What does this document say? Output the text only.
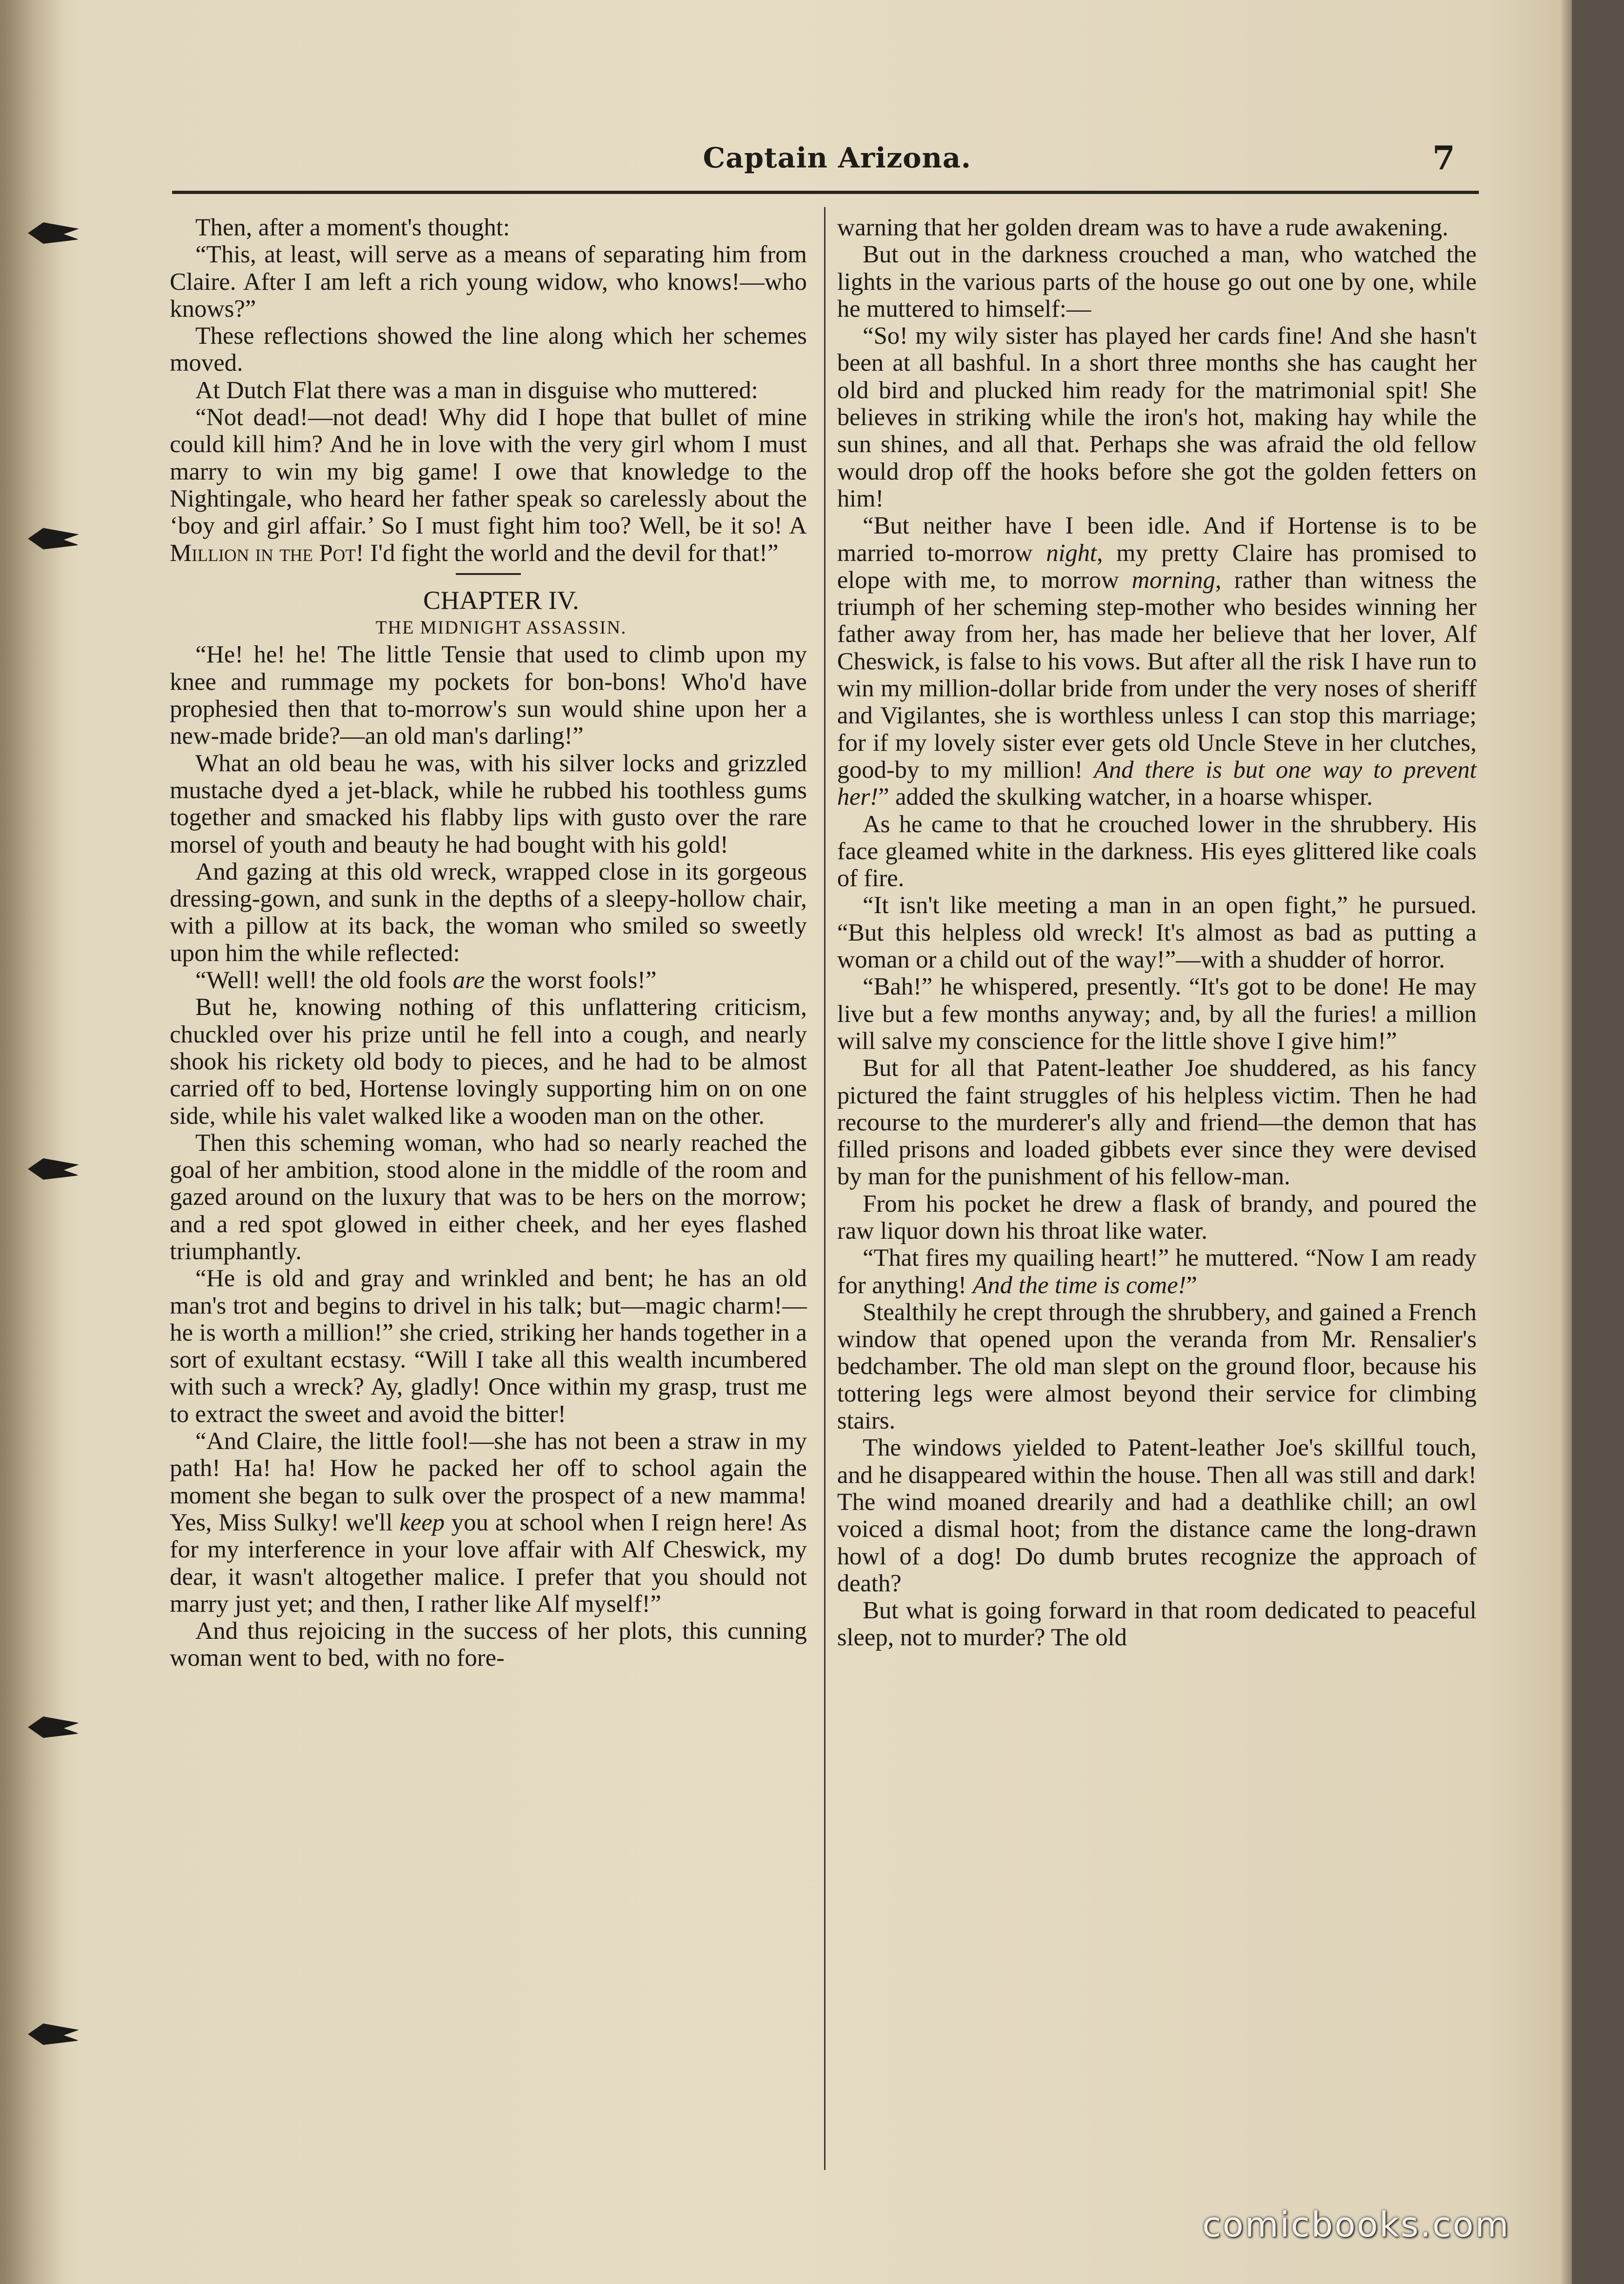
Captain Arizona.	7

Then, after a moment's thought:

“This, at least, will serve as a means of separating him from Claire. After I am left a rich young widow, who knows!—who knows?”

These reflections showed the line along which her schemes moved.

At Dutch Flat there was a man in disguise who muttered:

“Not dead!—not dead! Why did I hope that bullet of mine could kill him? And he in love with the very girl whom I must marry to win my big game! I owe that knowledge to the Nightingale, who heard her father speak so carelessly about the ‘boy and girl affair.’ So I must fight him too? Well, be it so! A Million in the Pot! I'd fight the world and the devil for that!”

CHAPTER IV.

THE MIDNIGHT ASSASSIN.

“He! he! he! The little Tensie that used to climb upon my knee and rummage my pockets for bon-bons! Who'd have prophesied then that to-morrow's sun would shine upon her a new-made bride?—an old man's darling!”

What an old beau he was, with his silver locks and grizzled mustache dyed a jet-black, while he rubbed his toothless gums together and smacked his flabby lips with gusto over the rare morsel of youth and beauty he had bought with his gold!

And gazing at this old wreck, wrapped close in its gorgeous dressing-gown, and sunk in the depths of a sleepy-hollow chair, with a pillow at its back, the woman who smiled so sweetly upon him the while reflected:

“Well! well! the old fools are the worst fools!”

But he, knowing nothing of this unflattering criticism, chuckled over his prize until he fell into a cough, and nearly shook his rickety old body to pieces, and he had to be almost carried off to bed, Hortense lovingly supporting him on on one side, while his valet walked like a wooden man on the other.

Then this scheming woman, who had so nearly reached the goal of her ambition, stood alone in the middle of the room and gazed around on the luxury that was to be hers on the morrow; and a red spot glowed in either cheek, and her eyes flashed triumphantly.

“He is old and gray and wrinkled and bent; he has an old man's trot and begins to drivel in his talk; but—magic charm!—he is worth a million!” she cried, striking her hands together in a sort of exultant ecstasy. “Will I take all this wealth incumbered with such a wreck? Ay, gladly! Once within my grasp, trust me to extract the sweet and avoid the bitter!

“And Claire, the little fool!—she has not been a straw in my path! Ha! ha! How he packed her off to school again the moment she began to sulk over the prospect of a new mamma! Yes, Miss Sulky! we'll keep you at school when I reign here! As for my interference in your love affair with Alf Cheswick, my dear, it wasn't altogether malice. I prefer that you should not marry just yet; and then, I rather like Alf myself!”

And thus rejoicing in the success of her plots, this cunning woman went to bed, with no fore-

warning that her golden dream was to have a rude awakening.

But out in the darkness crouched a man, who watched the lights in the various parts of the house go out one by one, while he muttered to himself:—

“So! my wily sister has played her cards fine! And she hasn't been at all bashful. In a short three months she has caught her old bird and plucked him ready for the matrimonial spit! She believes in striking while the iron's hot, making hay while the sun shines, and all that. Perhaps she was afraid the old fellow would drop off the hooks before she got the golden fetters on him!

“But neither have I been idle. And if Hortense is to be married to-morrow night, my pretty Claire has promised to elope with me, to morrow morning, rather than witness the triumph of her scheming step-mother who besides winning her father away from her, has made her believe that her lover, Alf Cheswick, is false to his vows. But after all the risk I have run to win my million-dollar bride from under the very noses of sheriff and Vigilantes, she is worthless unless I can stop this marriage; for if my lovely sister ever gets old Uncle Steve in her clutches, good-by to my million! And there is but one way to prevent her!” added the skulking watcher, in a hoarse whisper.

As he came to that he crouched lower in the shrubbery. His face gleamed white in the darkness. His eyes glittered like coals of fire.

“It isn't like meeting a man in an open fight,” he pursued. “But this helpless old wreck! It's almost as bad as putting a woman or a child out of the way!”—with a shudder of horror.

“Bah!” he whispered, presently. “It's got to be done! He may live but a few months anyway; and, by all the furies! a million will salve my conscience for the little shove I give him!”

But for all that Patent-leather Joe shuddered, as his fancy pictured the faint struggles of his helpless victim. Then he had recourse to the murderer's ally and friend—the demon that has filled prisons and loaded gibbets ever since they were devised by man for the punishment of his fellow-man.

From his pocket he drew a flask of brandy, and poured the raw liquor down his throat like water.

“That fires my quailing heart!” he muttered. “Now I am ready for anything! And the time is come!”

Stealthily he crept through the shrubbery, and gained a French window that opened upon the veranda from Mr. Rensalier's bedchamber. The old man slept on the ground floor, because his tottering legs were almost beyond their service for climbing stairs.

The windows yielded to Patent-leather Joe's skillful touch, and he disappeared within the house. Then all was still and dark! The wind moaned drearily and had a deathlike chill; an owl voiced a dismal hoot; from the distance came the long-drawn howl of a dog! Do dumb brutes recognize the approach of death?

But what is going forward in that room dedicated to peaceful sleep, not to murder? The old

comicbooks.com
